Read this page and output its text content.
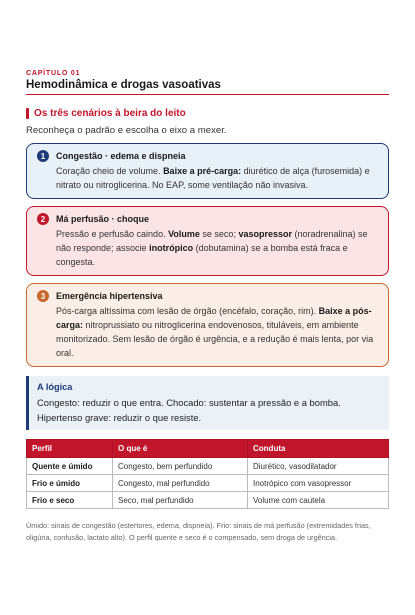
CAPÍTULO 01
Hemodinâmica e drogas vasoativas
Os três cenários à beira do leito
Reconheça o padrão e escolha o eixo a mexer.
1	Congestão · edema e dispneia
Coração cheio de volume. Baixe a pré-carga: diurético de alça (furosemida) e nitrato ou nitroglicerina. No EAP, some ventilação não invasiva.
2	Má perfusão · choque
Pressão e perfusão caindo. Volume se seco; vasopressor (noradrenalina) se não responde; associe inotrópico (dobutamina) se a bomba está fraca e congesta.
3	Emergência hipertensiva
Pós-carga altíssima com lesão de órgão (encéfalo, coração, rim). Baixe a pós-carga: nitroprussiato ou nitroglicerina endovenosos, tituláveis, em ambiente monitorizado. Sem lesão de órgão é urgência, e a redução é mais lenta, por via oral.
A lógica
Congesto: reduzir o que entra. Chocado: sustentar a pressão e a bomba. Hipertenso grave: reduzir o que resiste.
Perfil	O que é	Conduta
Quente e úmido	Congesto, bem perfundido	Diurético, vasodilatador
Frio e úmido	Congesto, mal perfundido	Inotrópico com vasopressor
Frio e seco	Seco, mal perfundido	Volume com cautela
Úmido: sinais de congestão (estertores, edema, dispneia). Frio: sinais de má perfusão (extremidades frias, oligúria, confusão, lactato alto). O perfil quente e seco é o compensado, sem droga de urgência.
